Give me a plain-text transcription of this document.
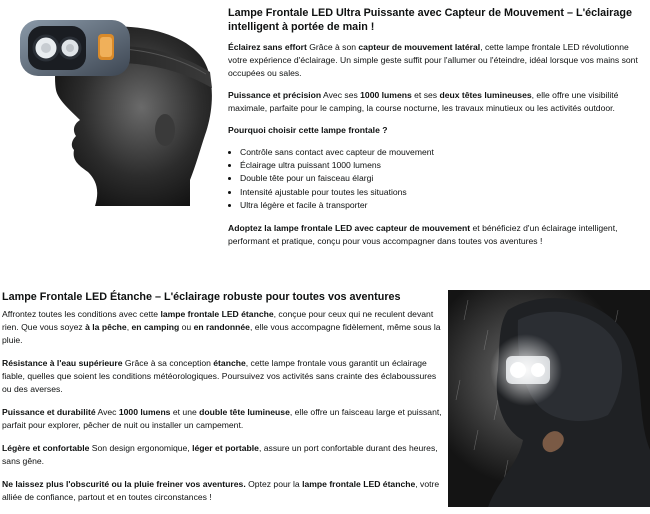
Lampe Frontale LED Ultra Puissante avec Capteur de Mouvement – L'éclairage intelligent à portée de main !

Éclairez sans effort Grâce à son capteur de mouvement latéral, cette lampe frontale LED révolutionne votre expérience d'éclairage. Un simple geste suffit pour l'allumer ou l'éteindre, idéal lorsque vos mains sont occupées ou sales.

Puissance et précision Avec ses 1000 lumens et ses deux têtes lumineuses, elle offre une visibilité maximale, parfaite pour le camping, la course nocturne, les travaux minutieux ou les activités outdoor.

Pourquoi choisir cette lampe frontale ?

• Contrôle sans contact avec capteur de mouvement
• Éclairage ultra puissant 1000 lumens
• Double tête pour un faisceau élargi
• Intensité ajustable pour toutes les situations
• Ultra légère et facile à transporter

Adoptez la lampe frontale LED avec capteur de mouvement et bénéficiez d'un éclairage intelligent, performant et pratique, conçu pour vous accompagner dans toutes vos aventures !

Lampe Frontale LED Étanche – L'éclairage robuste pour toutes vos aventures

Affrontez toutes les conditions avec cette lampe frontale LED étanche, conçue pour ceux qui ne reculent devant rien. Que vous soyez à la pêche, en camping ou en randonnée, elle vous accompagne fidèlement, même sous la pluie.

Résistance à l'eau supérieure Grâce à sa conception étanche, cette lampe frontale vous garantit un éclairage fiable, quelles que soient les conditions météorologiques. Poursuivez vos activités sans crainte des éclaboussures ou des averses.

Puissance et durabilité Avec 1000 lumens et une double tête lumineuse, elle offre un faisceau large et puissant, parfait pour explorer, pêcher de nuit ou installer un campement.

Légère et confortable Son design ergonomique, léger et portable, assure un port confortable durant des heures, sans gêne.

Ne laissez plus l'obscurité ou la pluie freiner vos aventures. Optez pour la lampe frontale LED étanche, votre alliée de confiance, partout et en toutes circonstances !
